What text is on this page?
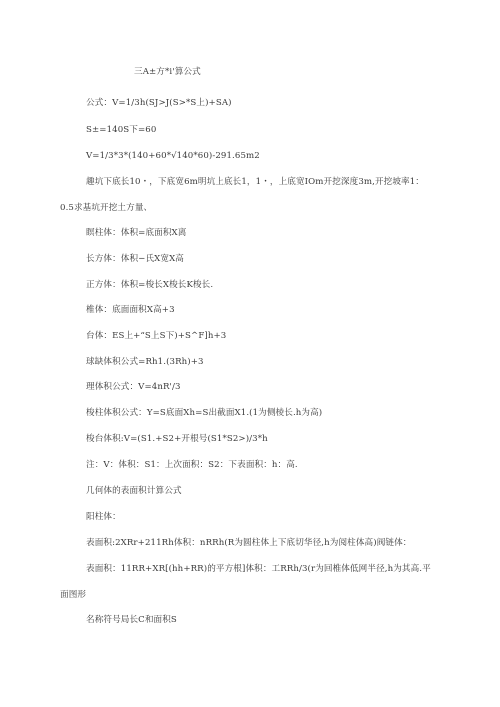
三A±方*i'算公式
公式：V=1/3h(SJ>J(S>*S上)+SA)
S±=140S下=60
V=1/3*3*(140+60*√140*60)-291.65m2
趣坑下底长10・，下底宽6m明坑上底长1，1・，上底宽IOm开挖深度3m,开挖坡率1：
0.5求基坑开挖土方量、
瞑柱体：体积=底面积X离
长方体：体积−氏X宽X高
正方体：体积=梭长X梭长K梭长.
椎体：底面面积X高+3
台体：ES上+“S上S下)+S^F]h+3
球缺体积公式=Rh1.(3Rh)+3
理体积公式：V=4nR'/3
梭柱体积公式：Y=S底面Xh=S出截面X1.(1为侧棱长.h为高)
梭台体积:V=(S1.+S2+开根号(S1*S2>)/3*h
注：V：体积：S1：上次面积：S2：下表面积：h：高.
几何体的表面积计算公式
阳柱体：
表面积:2XRr+211Rh体积：nRRh(R为圆柱体上下底切华径,h为阅柱体高)阀链体：
表面积：11RR+XR[(hh+RR)的平方根]体积：工RRh/3(r为回椎体低网半径,h为其高.平
面图形
名称符号局长C和面积S
